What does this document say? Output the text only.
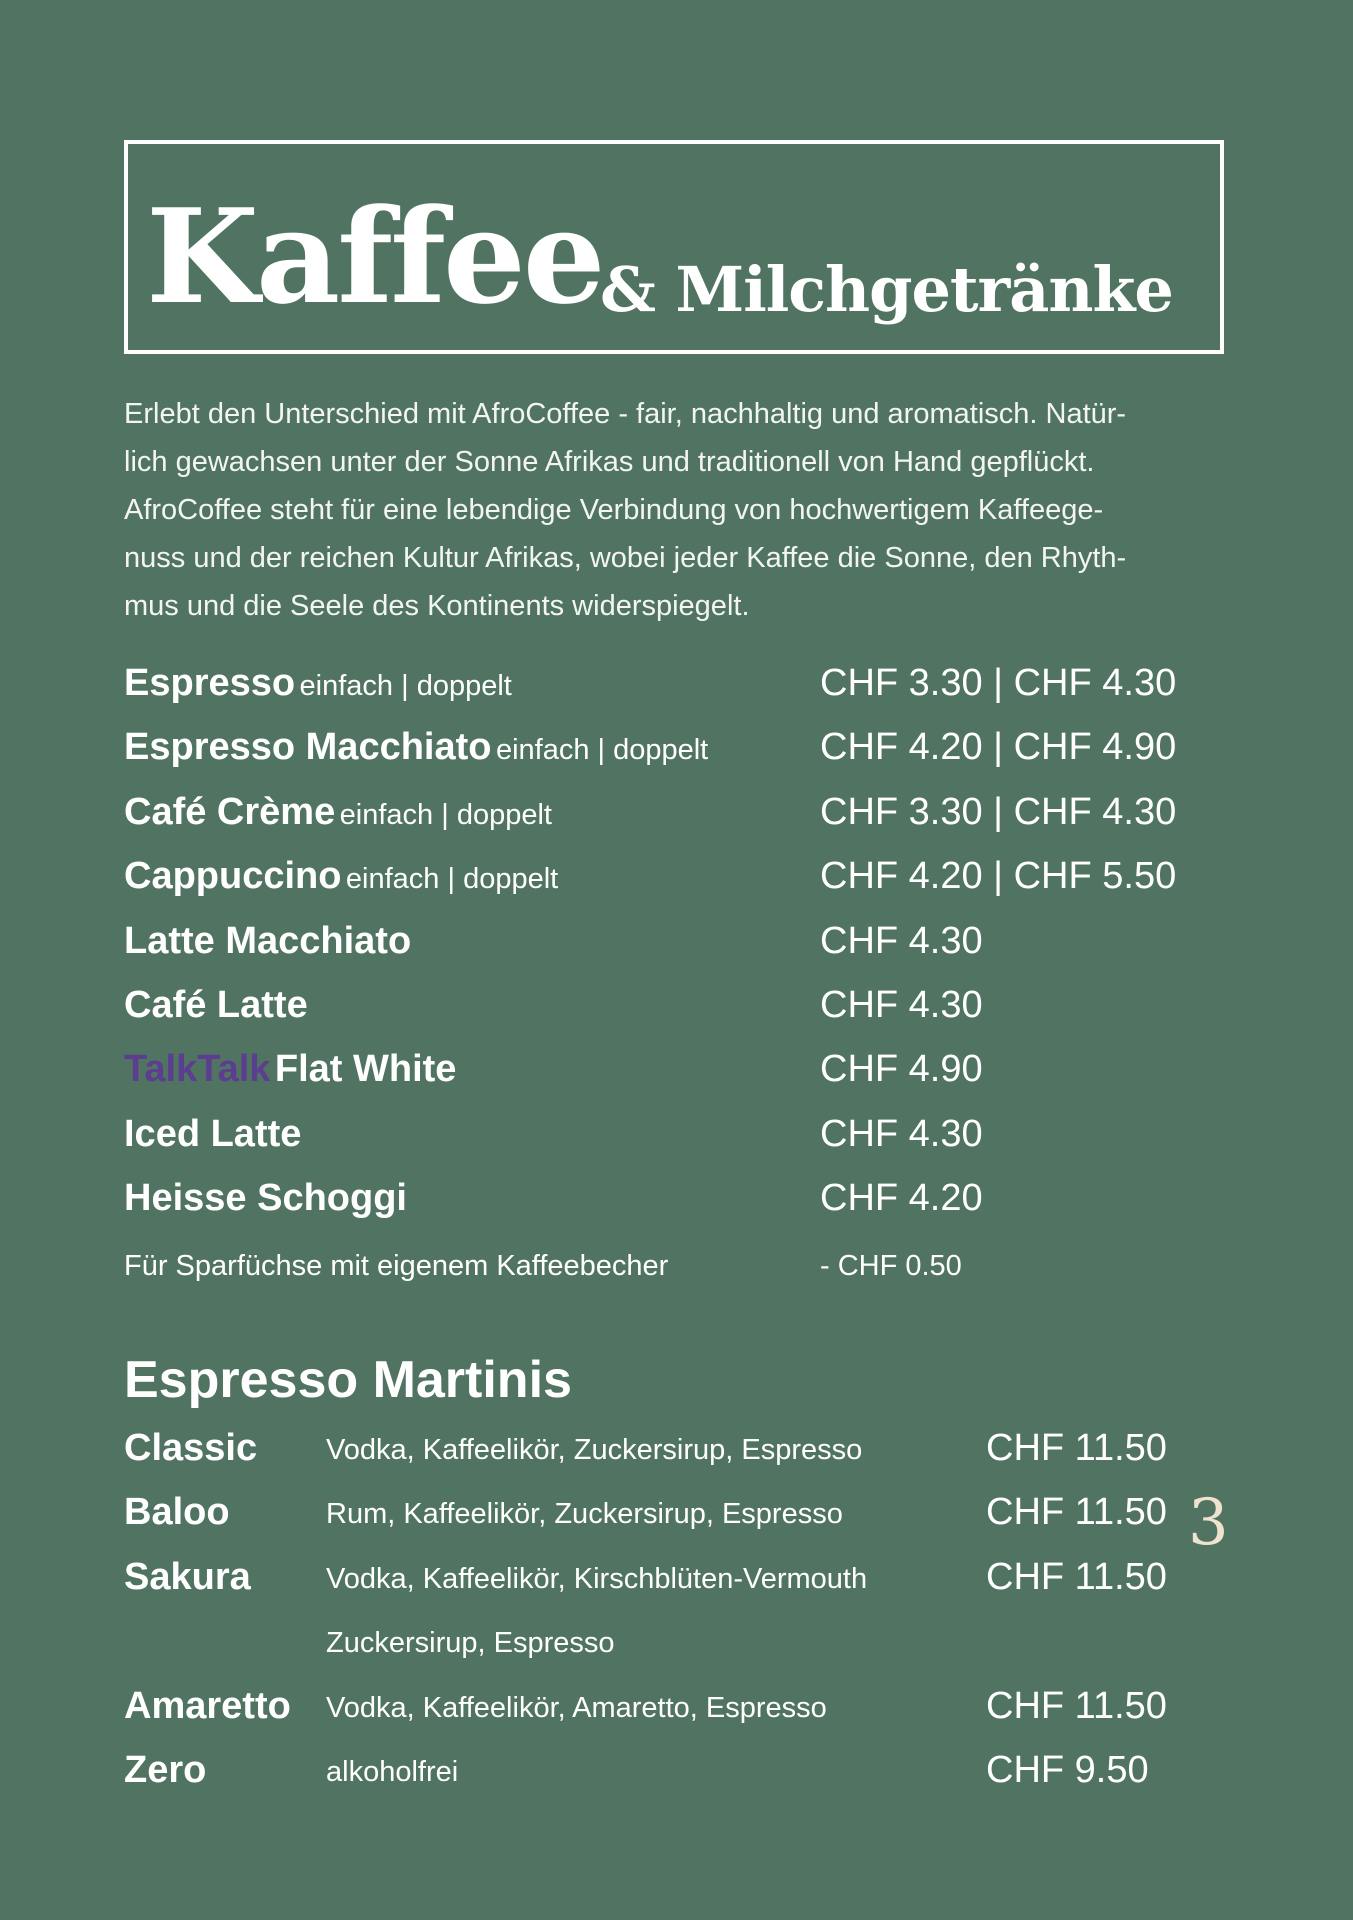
Kaffee
& Milchgetränke
Erlebt den Unterschied mit AfroCoffee - fair, nachhaltig und aromatisch. Natür-
lich gewachsen unter der Sonne Afrikas und traditionell von Hand gepflückt.
AfroCoffee steht für eine lebendige Verbindung von hochwertigem Kaffeege-
nuss und der reichen Kultur Afrikas, wobei jeder Kaffee die Sonne, den Rhyth-
mus und die Seele des Kontinents widerspiegelt.
Espresso einfach | doppelt	CHF 3.30 | CHF 4.30
Espresso Macchiato einfach | doppelt	CHF 4.20 | CHF 4.90
Café Crème einfach | doppelt	CHF 3.30 | CHF 4.30
Cappuccino einfach | doppelt	CHF 4.20 | CHF 5.50
Latte Macchiato	CHF 4.30
Café Latte	CHF 4.30
TalkTalk Flat White	CHF 4.90
Iced Latte	CHF 4.30
Heisse Schoggi	CHF 4.20
Für Sparfüchse mit eigenem Kaffeebecher	- CHF 0.50
Espresso Martinis
Classic Vodka, Kaffeelikör, Zuckersirup, Espresso	CHF 11.50
Baloo	Rum, Kaffeelikör, Zuckersirup, Espresso	CHF 11.50
Sakura	Vodka, Kaffeelikör, Kirschblüten-Vermouth	CHF 11.50
Zuckersirup, Espresso
Amaretto Vodka, Kaffeelikör, Amaretto, Espresso	CHF 11.50
Zero	alkoholfrei	CHF 9.50
3
